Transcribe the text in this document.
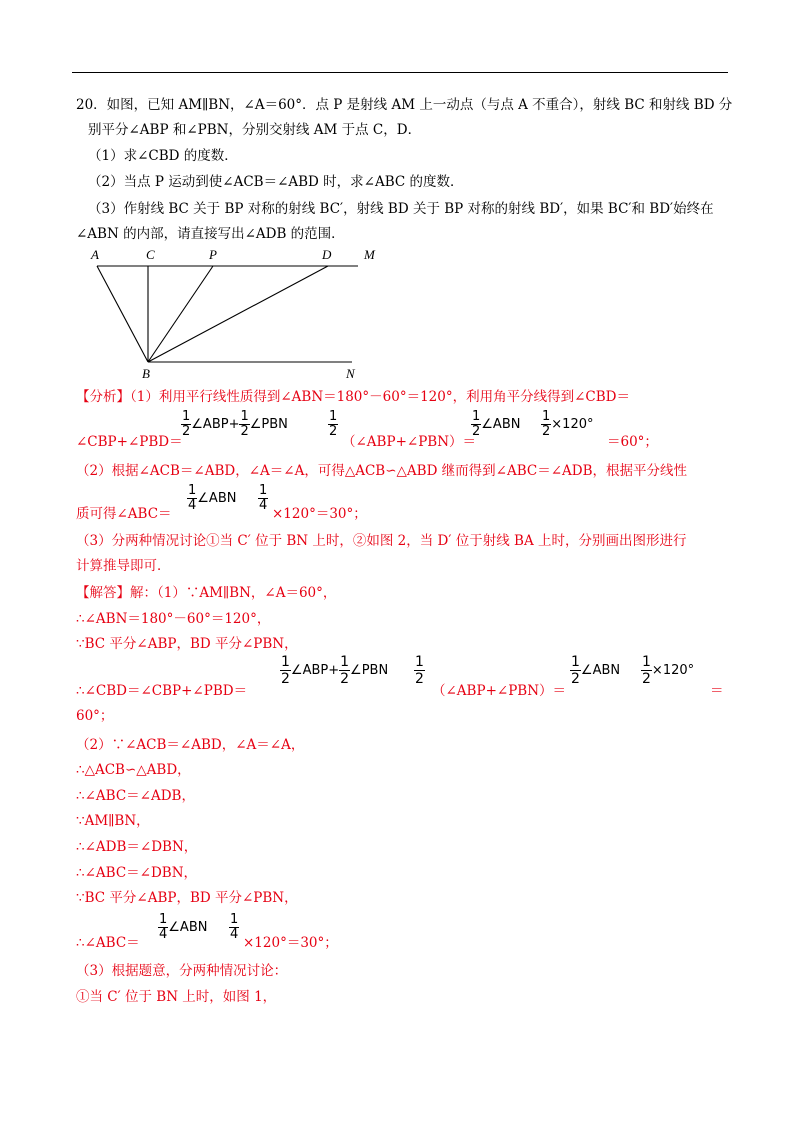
20．如图，已知 AM∥BN，∠A＝60°．点 P 是射线 AM 上一动点（与点 A 不重合），射线 BC 和射线 BD 分
别平分∠ABP 和∠PBN，分别交射线 AM 于点 C，D．
（1）求∠CBD 的度数．
（2）当点 P 运动到使∠ACB＝∠ABD 时，求∠ABC 的度数．
（3）作射线 BC 关于 BP 对称的射线 BC′，射线 BD 关于 BP 对称的射线 BD′，如果 BC′和 BD′始终在
∠ABN 的内部，请直接写出∠ADB 的范围．
A	C	P	D	M
B	N
【分析】（1）利用平行线性质得到∠ABN＝180°－60°＝120°，利用角平分线得到∠CBD＝
∠CBP+∠PBD＝
$\frac{1}{2}$ ∠ABP+ $\frac{1}{2}$ ∠PBN	$\frac{1}{2}$
（∠ABP+∠PBN）＝
$\frac{1}{2}$ ∠ABN $\frac{1}{2} \times 120^\circ$
＝60°；
（2）根据∠ACB＝∠ABD，∠A＝∠A，可得△ACB∽△ABD 继而得到∠ABC＝∠ADB，根据平分线性
质可得∠ABC＝
$\frac{1}{4}$ ∠ABN $\frac{1}{4}$
×120°＝30°；
（3）分两种情况讨论①当 C′ 位于 BN 上时，②如图 2，当 D′ 位于射线 BA 上时，分别画出图形进行
计算推导即可．
【解答】解：（1）∵AM∥BN，∠A＝60°，
∴∠ABN＝180°－60°＝120°，
∵BC 平分∠ABP，BD 平分∠PBN，
∴∠CBD＝∠CBP+∠PBD＝
$\frac{1}{2}$ ∠ABP+ $\frac{1}{2}$ ∠PBN $\frac{1}{2}$
（∠ABP+∠PBN）＝
$\frac{1}{2}$ ∠ABN $\frac{1}{2} \times 120^\circ$
＝
60°；
（2）∵∠ACB＝∠ABD，∠A＝∠A，
∴△ACB∽△ABD，
∴∠ABC＝∠ADB，
∵AM∥BN，
∴∠ADB＝∠DBN，
∴∠ABC＝∠DBN，
∵BC 平分∠ABP，BD 平分∠PBN，
∴∠ABC＝
$\frac{1}{4}$ ∠ABN $\frac{1}{4}$
×120°＝30°；
（3）根据题意，分两种情况讨论：
①当 C′ 位于 BN 上时，如图 1，
